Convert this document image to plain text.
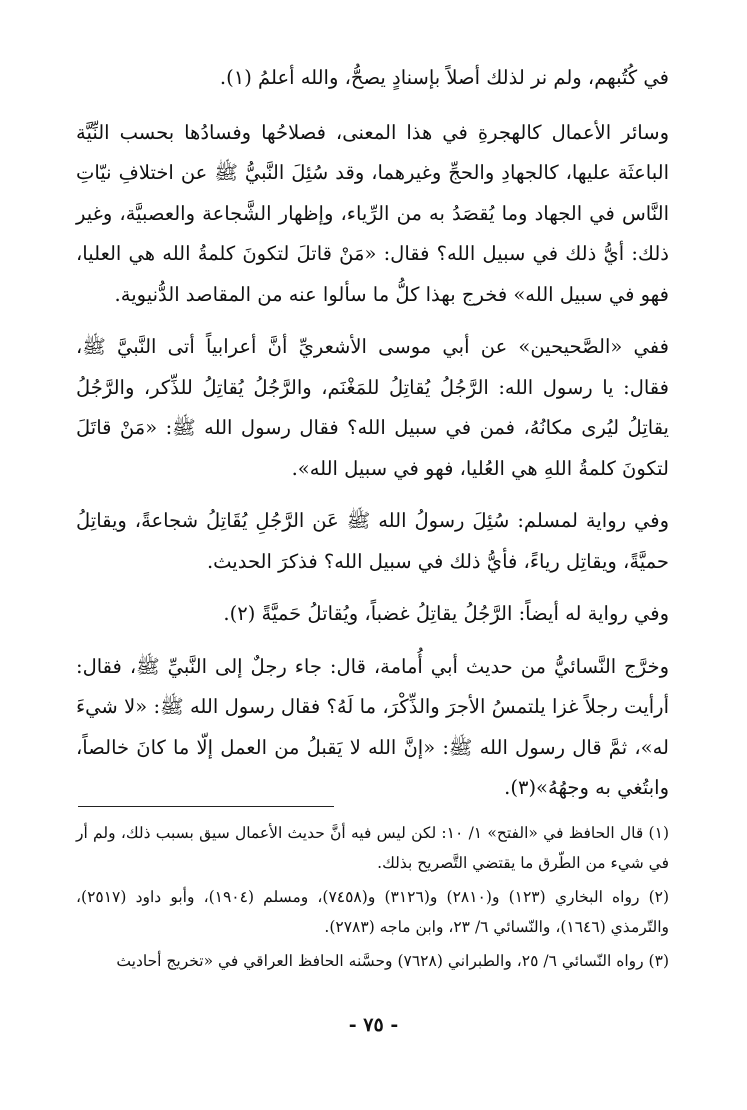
في كُتُبهم، ولم نر لذلك أصلاً بإسنادٍ يصحُّ، والله أعلمُ (١).

وسائر الأعمال كالهجرةِ في هذا المعنى، فصلاحُها وفسادُها بحسب النِّيَّة الباعثَة عليها، كالجهادِ والحجِّ وغيرهما، وقد سُئِلَ النَّبيُّ ﷺ عن اختلافِ نيّاتِ النَّاس في الجهاد وما يُقصَدُ به من الرِّياء، وإظهار الشَّجاعة والعصبيَّة، وغير ذلك: أيُّ ذلك في سبيل الله؟ فقال: «مَنْ قاتلَ لتكونَ كلمةُ الله هي العليا، فهو في سبيل الله» فخرج بهذا كلُّ ما سألوا عنه من المقاصد الدُّنيوية.

ففي «الصَّحيحين» عن أبي موسى الأشعريِّ أنَّ أعرابياً أتى النَّبيَّ ﷺ، فقال: يا رسول الله: الرَّجُلُ يُقاتِلُ للمَغْنَم، والرَّجُلُ يُقاتِلُ للذِّكر، والرَّجُلُ يقاتِلُ ليُرى مكانُهُ، فمن في سبيل الله؟ فقال رسول الله ﷺ: «مَنْ قاتَلَ لتكونَ كلمةُ اللهِ هي العُليا، فهو في سبيل الله».

وفي رواية لمسلم: سُئِلَ رسولُ الله ﷺ عَن الرَّجُلِ يُقَاتِلُ شجاعةً، ويقاتِلُ حميَّةً، ويقاتِل رياءً، فأيُّ ذلك في سبيل الله؟ فذكرَ الحديث.

وفي رواية له أيضاً: الرَّجُلُ يقاتِلُ غضباً، ويُقاتلُ حَميَّةً (٢).

وخرَّج النَّسائيُّ من حديث أبي أُمامة، قال: جاء رجلٌ إلى النَّبيِّ ﷺ، فقال: أرأيت رجلاً غزا يلتمسُ الأجرَ والذِّكْرَ، ما لَهُ؟ فقال رسول الله ﷺ: «لا شيءَ له»، ثمَّ قال رسول الله ﷺ: «إنَّ الله لا يَقبلُ من العمل إلّا ما كانَ خالصاً، وابتُغي به وجهُهُ»(٣).

(١) قال الحافظ في «الفتح» ١/ ١٠: لكن ليس فيه أنَّ حديث الأعمال سيق بسبب ذلك، ولم أر في شيء من الطّرق ما يقتضي التَّصريح بذلك.

(٢) رواه البخاري (١٢٣) و(٢٨١٠) و(٣١٢٦) و(٧٤٥٨)، ومسلم (١٩٠٤)، وأبو داود (٢٥١٧)، والتّرمذي (١٦٤٦)، والنّسائي ٦/ ٢٣، وابن ماجه (٢٧٨٣).

(٣) رواه النّسائي ٦/ ٢٥، والطبراني (٧٦٢٨) وحسَّنه الحافظ العراقي في «تخريج أحاديث

- ٧٥ -
